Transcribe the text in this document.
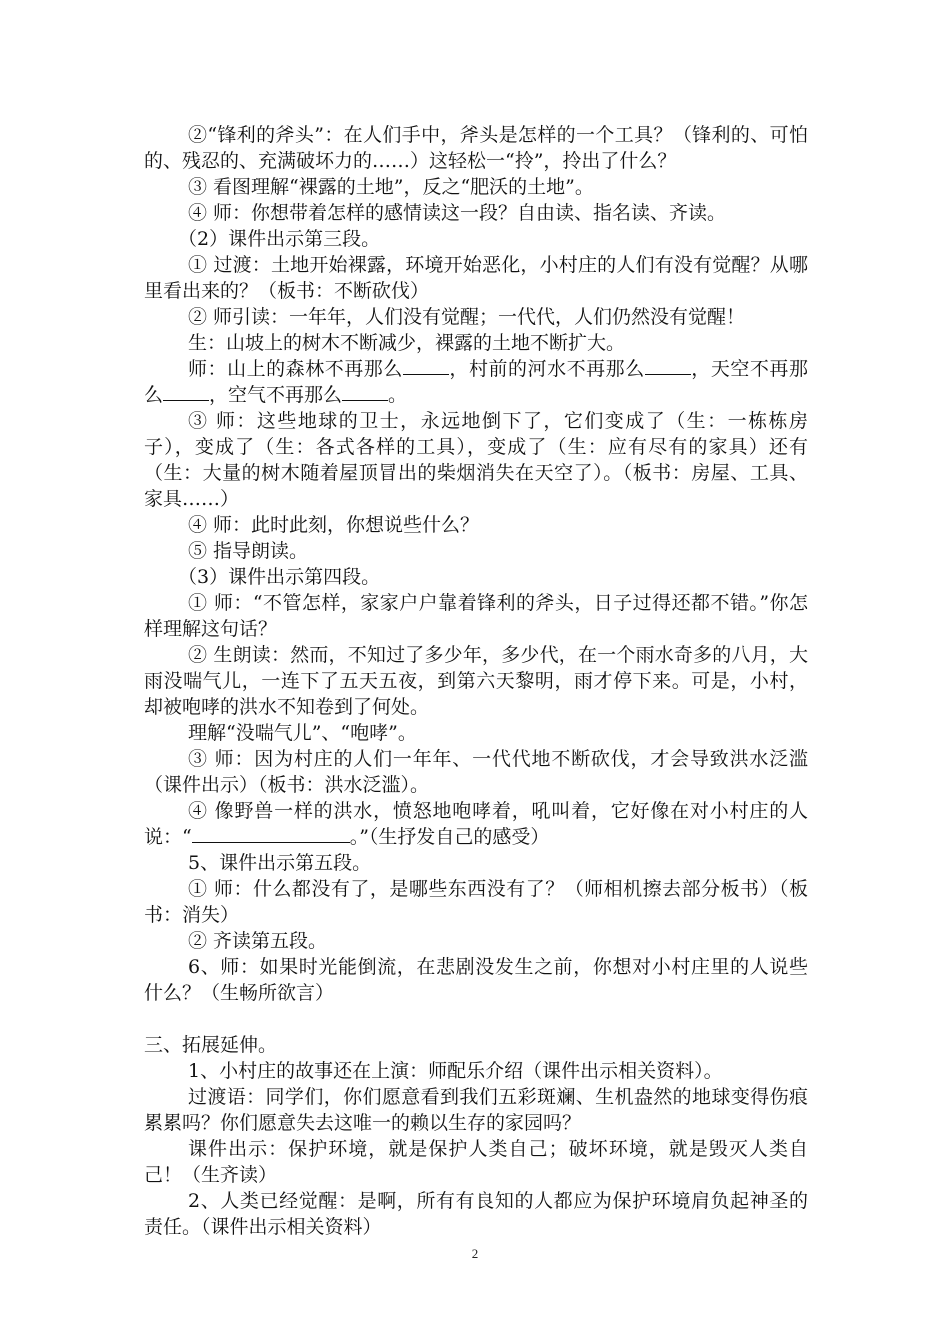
②“锋利的斧头”：在人们手中，斧头是怎样的一个工具？（锋利的、可怕的、残忍的、充满破坏力的……）这轻松一“拎”，拎出了什么？

③ 看图理解“裸露的土地”，反之“肥沃的土地”。

④ 师：你想带着怎样的感情读这一段？自由读、指名读、齐读。

（2）课件出示第三段。

① 过渡：土地开始裸露，环境开始恶化，小村庄的人们有没有觉醒？从哪里看出来的？（板书：不断砍伐）

② 师引读：一年年，人们没有觉醒；一代代，人们仍然没有觉醒！

生：山坡上的树木不断减少，裸露的土地不断扩大。

师：山上的森林不再那么 ，村前的河水不再那么 ，天空不再那么 ，空气不再那么 。

③ 师：这些地球的卫士，永远地倒下了，它们变成了（生：一栋栋房子），变成了（生：各式各样的工具），变成了（生：应有尽有的家具）还有（生：大量的树木随着屋顶冒出的柴烟消失在天空了）。（板书：房屋、工具、家具……）

④ 师：此时此刻，你想说些什么？

⑤ 指导朗读。

（3）课件出示第四段。

① 师：“不管怎样，家家户户靠着锋利的斧头，日子过得还都不错。”你怎样理解这句话？

② 生朗读：然而，不知过了多少年，多少代，在一个雨水奇多的八月，大雨没喘气儿，一连下了五天五夜，到第六天黎明，雨才停下来。可是，小村，却被咆哮的洪水不知卷到了何处。

理解“没喘气儿”、“咆哮”。

③ 师：因为村庄的人们一年年、一代代地不断砍伐，才会导致洪水泛滥（课件出示）（板书：洪水泛滥）。

④ 像野兽一样的洪水，愤怒地咆哮着，吼叫着，它好像在对小村庄的人说：“	。”（生抒发自己的感受）

5、课件出示第五段。

① 师：什么都没有了，是哪些东西没有了？（师相机擦去部分板书）（板书：消失）

② 齐读第五段。

6、师：如果时光能倒流，在悲剧没发生之前，你想对小村庄里的人说些什么？（生畅所欲言）

三、拓展延伸。

1、小村庄的故事还在上演：师配乐介绍（课件出示相关资料）。

过渡语：同学们，你们愿意看到我们五彩斑斓、生机盎然的地球变得伤痕累累吗？你们愿意失去这唯一的赖以生存的家园吗？

课件出示：保护环境，就是保护人类自己；破坏环境，就是毁灭人类自己！（生齐读）

2、人类已经觉醒：是啊，所有有良知的人都应为保护环境肩负起神圣的责任。（课件出示相关资料）

2
